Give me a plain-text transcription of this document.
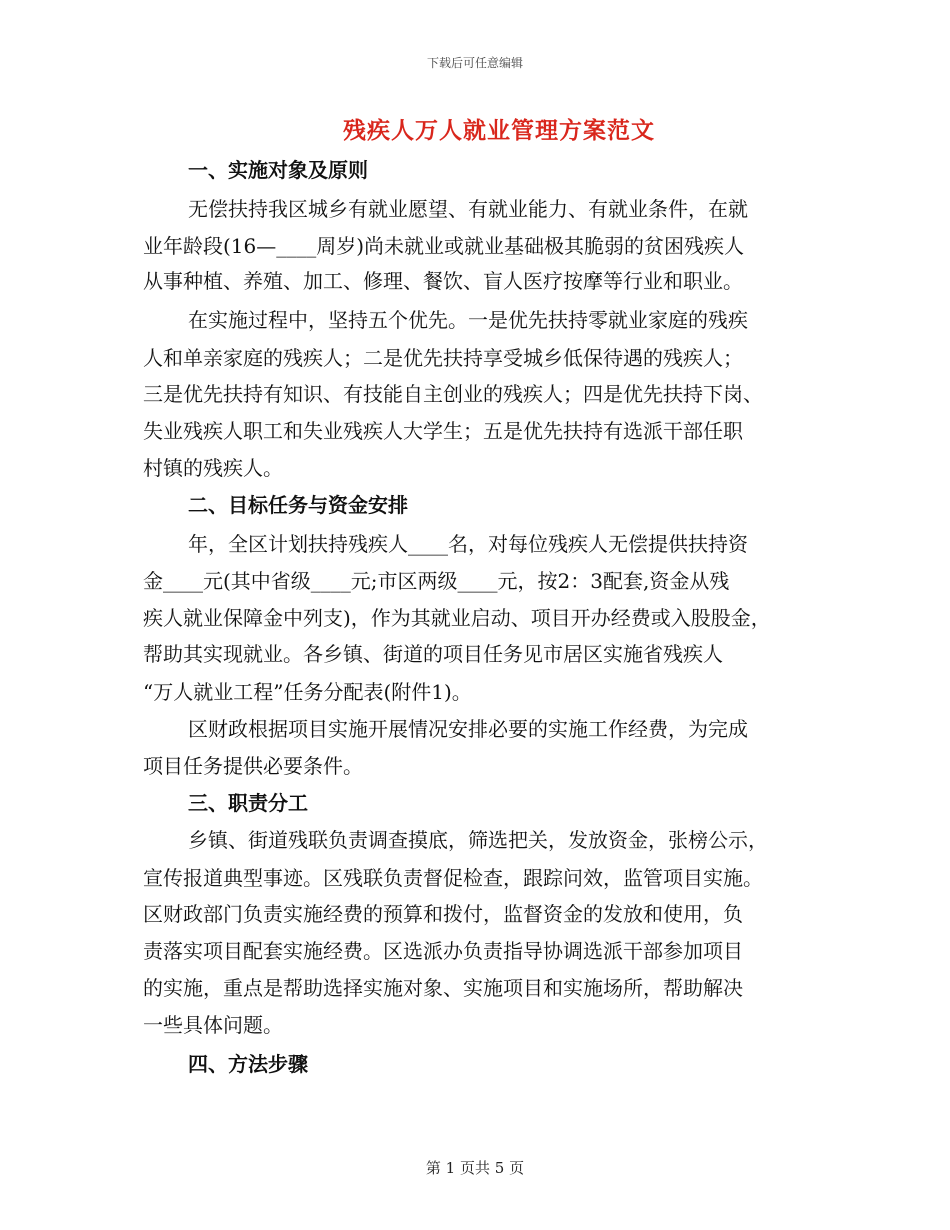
下载后可任意编辑
残疾人万人就业管理方案范文
一、实施对象及原则
无偿扶持我区城乡有就业愿望、有就业能力、有就业条件，在就
业年龄段(16—____周岁)尚未就业或就业基础极其脆弱的贫困残疾人
从事种植、养殖、加工、修理、餐饮、盲人医疗按摩等行业和职业。
在实施过程中，坚持五个优先。一是优先扶持零就业家庭的残疾
人和单亲家庭的残疾人；二是优先扶持享受城乡低保待遇的残疾人；
三是优先扶持有知识、有技能自主创业的残疾人；四是优先扶持下岗、
失业残疾人职工和失业残疾人大学生；五是优先扶持有选派干部任职
村镇的残疾人。
二、目标任务与资金安排
年，全区计划扶持残疾人____名，对每位残疾人无偿提供扶持资
金____元(其中省级____元;市区两级____元，按2：3配套,资金从残
疾人就业保障金中列支)，作为其就业启动、项目开办经费或入股股金，
帮助其实现就业。各乡镇、街道的项目任务见市居区实施省残疾人
“万人就业工程”任务分配表(附件1)。
区财政根据项目实施开展情况安排必要的实施工作经费，为完成
项目任务提供必要条件。
三、职责分工
乡镇、街道残联负责调查摸底，筛选把关，发放资金，张榜公示，
宣传报道典型事迹。区残联负责督促检查，跟踪问效，监管项目实施。
区财政部门负责实施经费的预算和拨付，监督资金的发放和使用，负
责落实项目配套实施经费。区选派办负责指导协调选派干部参加项目
的实施，重点是帮助选择实施对象、实施项目和实施场所，帮助解决
一些具体问题。
四、方法步骤
第 1 页共 5 页
